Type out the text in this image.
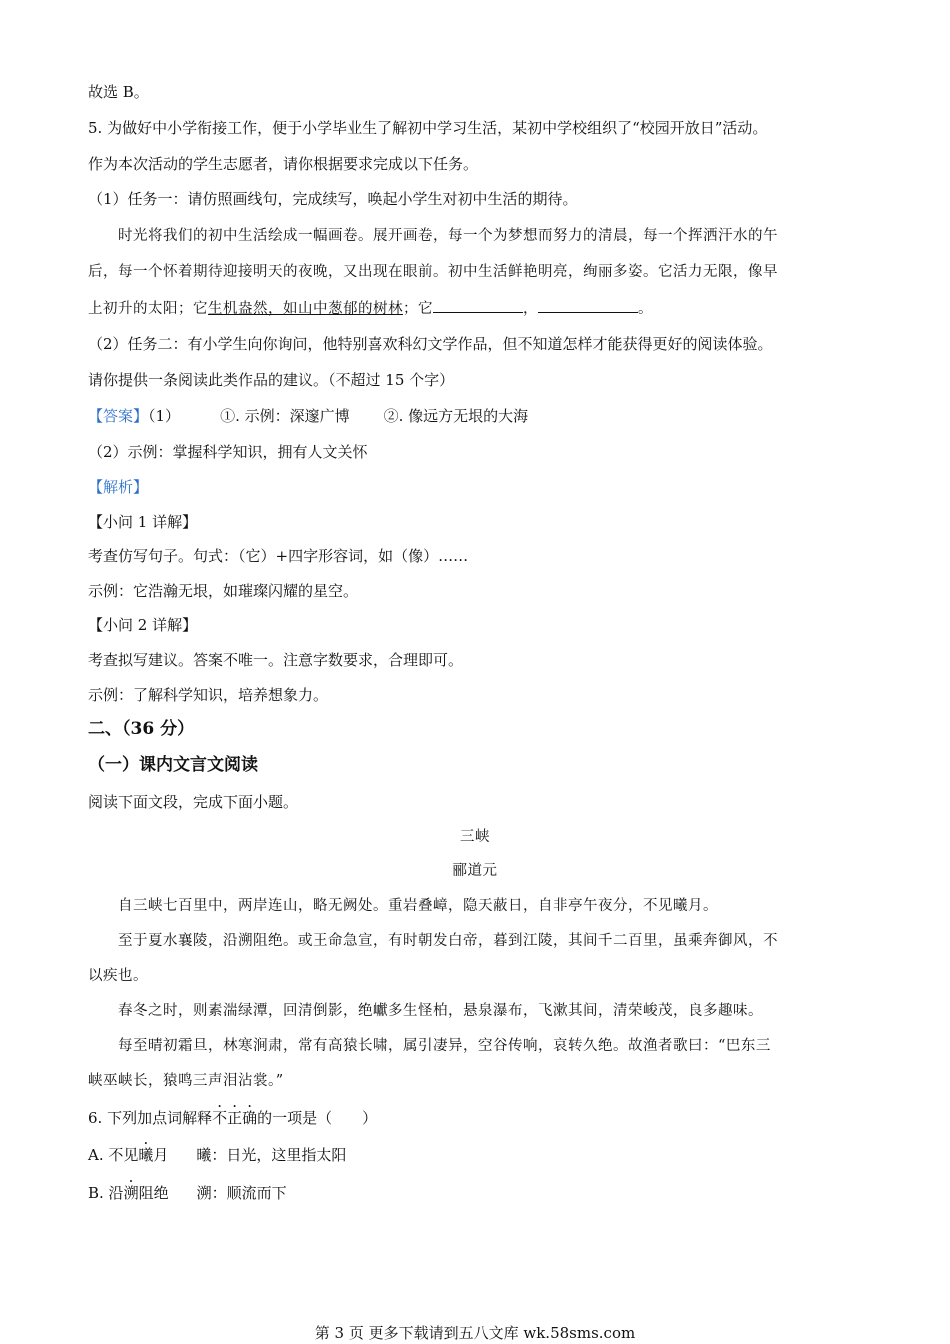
故选 B。
5. 为做好中小学衔接工作，便于小学毕业生了解初中学习生活，某初中学校组织了“校园开放日”活动。
作为本次活动的学生志愿者，请你根据要求完成以下任务。
（1）任务一：请仿照画线句，完成续写，唤起小学生对初中生活的期待。
时光将我们的初中生活绘成一幅画卷。展开画卷，每一个为梦想而努力的清晨，每一个挥洒汗水的午
后，每一个怀着期待迎接明天的夜晚，又出现在眼前。初中生活鲜艳明亮，绚丽多姿。它活力无限，像早
上初升的太阳；它生机盎然，如山中葱郁的树林；它	，	。
（2）任务二：有小学生向你询问，他特别喜欢科幻文学作品，但不知道怎样才能获得更好的阅读体验。
请你提供一条阅读此类作品的建议。（不超过 15 个字）
【答案】（1）	①. 示例：深邃广博 ②. 像远方无垠的大海
（2）示例：掌握科学知识，拥有人文关怀
【解析】
【小问 1 详解】
考查仿写句子。句式：（它）+四字形容词，如（像）……
示例：它浩瀚无垠，如璀璨闪耀的星空。
【小问 2 详解】
考查拟写建议。答案不唯一。注意字数要求，合理即可。
示例：了解科学知识，培养想象力。
二、（36 分）
（一）课内文言文阅读
阅读下面文段，完成下面小题。
三峡
郦道元
自三峡七百里中，两岸连山，略无阙处。重岩叠嶂，隐天蔽日，自非亭午夜分，不见曦月。
至于夏水襄陵，沿溯阻绝。或王命急宣，有时朝发白帝，暮到江陵，其间千二百里，虽乘奔御风，不
以疾也。
春冬之时，则素湍绿潭，回清倒影，绝巘多生怪柏，悬泉瀑布，飞漱其间，清荣峻茂，良多趣味。
每至晴初霜旦，林寒涧肃，常有高猿长啸，属引凄异，空谷传响，哀转久绝。故渔者歌曰：“巴东三
峡巫峡长，猿鸣三声泪沾裳。”
6. 下列加点词解释不正确的一项是（　　）
A. 不见曦月 曦：日光，这里指太阳
B. 沿溯阻绝 溯：顺流而下
第 3 页 更多下载请到五八文库 wk.58sms.com
